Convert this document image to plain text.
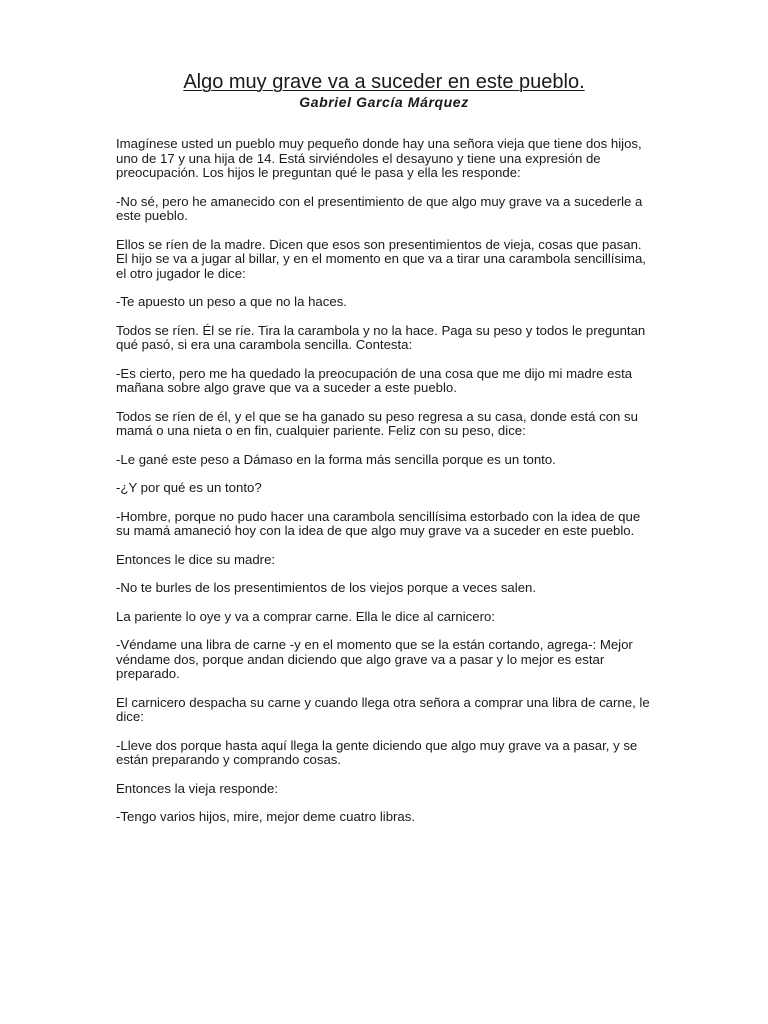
Algo muy grave va a suceder en este pueblo.

Gabriel García Márquez

Imagínese usted un pueblo muy pequeño donde hay una señora vieja que tiene dos hijos, uno de 17 y una hija de 14. Está sirviéndoles el desayuno y tiene una expresión de preocupación. Los hijos le preguntan qué le pasa y ella les responde:

-No sé, pero he amanecido con el presentimiento de que algo muy grave va a sucederle a este pueblo.

Ellos se ríen de la madre. Dicen que esos son presentimientos de vieja, cosas que pasan. El hijo se va a jugar al billar, y en el momento en que va a tirar una carambola sencillísima, el otro jugador le dice:

-Te apuesto un peso a que no la haces.

Todos se ríen. Él se ríe. Tira la carambola y no la hace. Paga su peso y todos le preguntan qué pasó, si era una carambola sencilla. Contesta:

-Es cierto, pero me ha quedado la preocupación de una cosa que me dijo mi madre esta mañana sobre algo grave que va a suceder a este pueblo.

Todos se ríen de él, y el que se ha ganado su peso regresa a su casa, donde está con su mamá o una nieta o en fin, cualquier pariente. Feliz con su peso, dice:

-Le gané este peso a Dámaso en la forma más sencilla porque es un tonto.

-¿Y por qué es un tonto?

-Hombre, porque no pudo hacer una carambola sencillísima estorbado con la idea de que su mamá amaneció hoy con la idea de que algo muy grave va a suceder en este pueblo.

Entonces le dice su madre:

-No te burles de los presentimientos de los viejos porque a veces salen.

La pariente lo oye y va a comprar carne. Ella le dice al carnicero:

-Véndame una libra de carne -y en el momento que se la están cortando, agrega-: Mejor véndame dos, porque andan diciendo que algo grave va a pasar y lo mejor es estar preparado.

El carnicero despacha su carne y cuando llega otra señora a comprar una libra de carne, le dice:

-Lleve dos porque hasta aquí llega la gente diciendo que algo muy grave va a pasar, y se están preparando y comprando cosas.

Entonces la vieja responde:

-Tengo varios hijos, mire, mejor deme cuatro libras.
